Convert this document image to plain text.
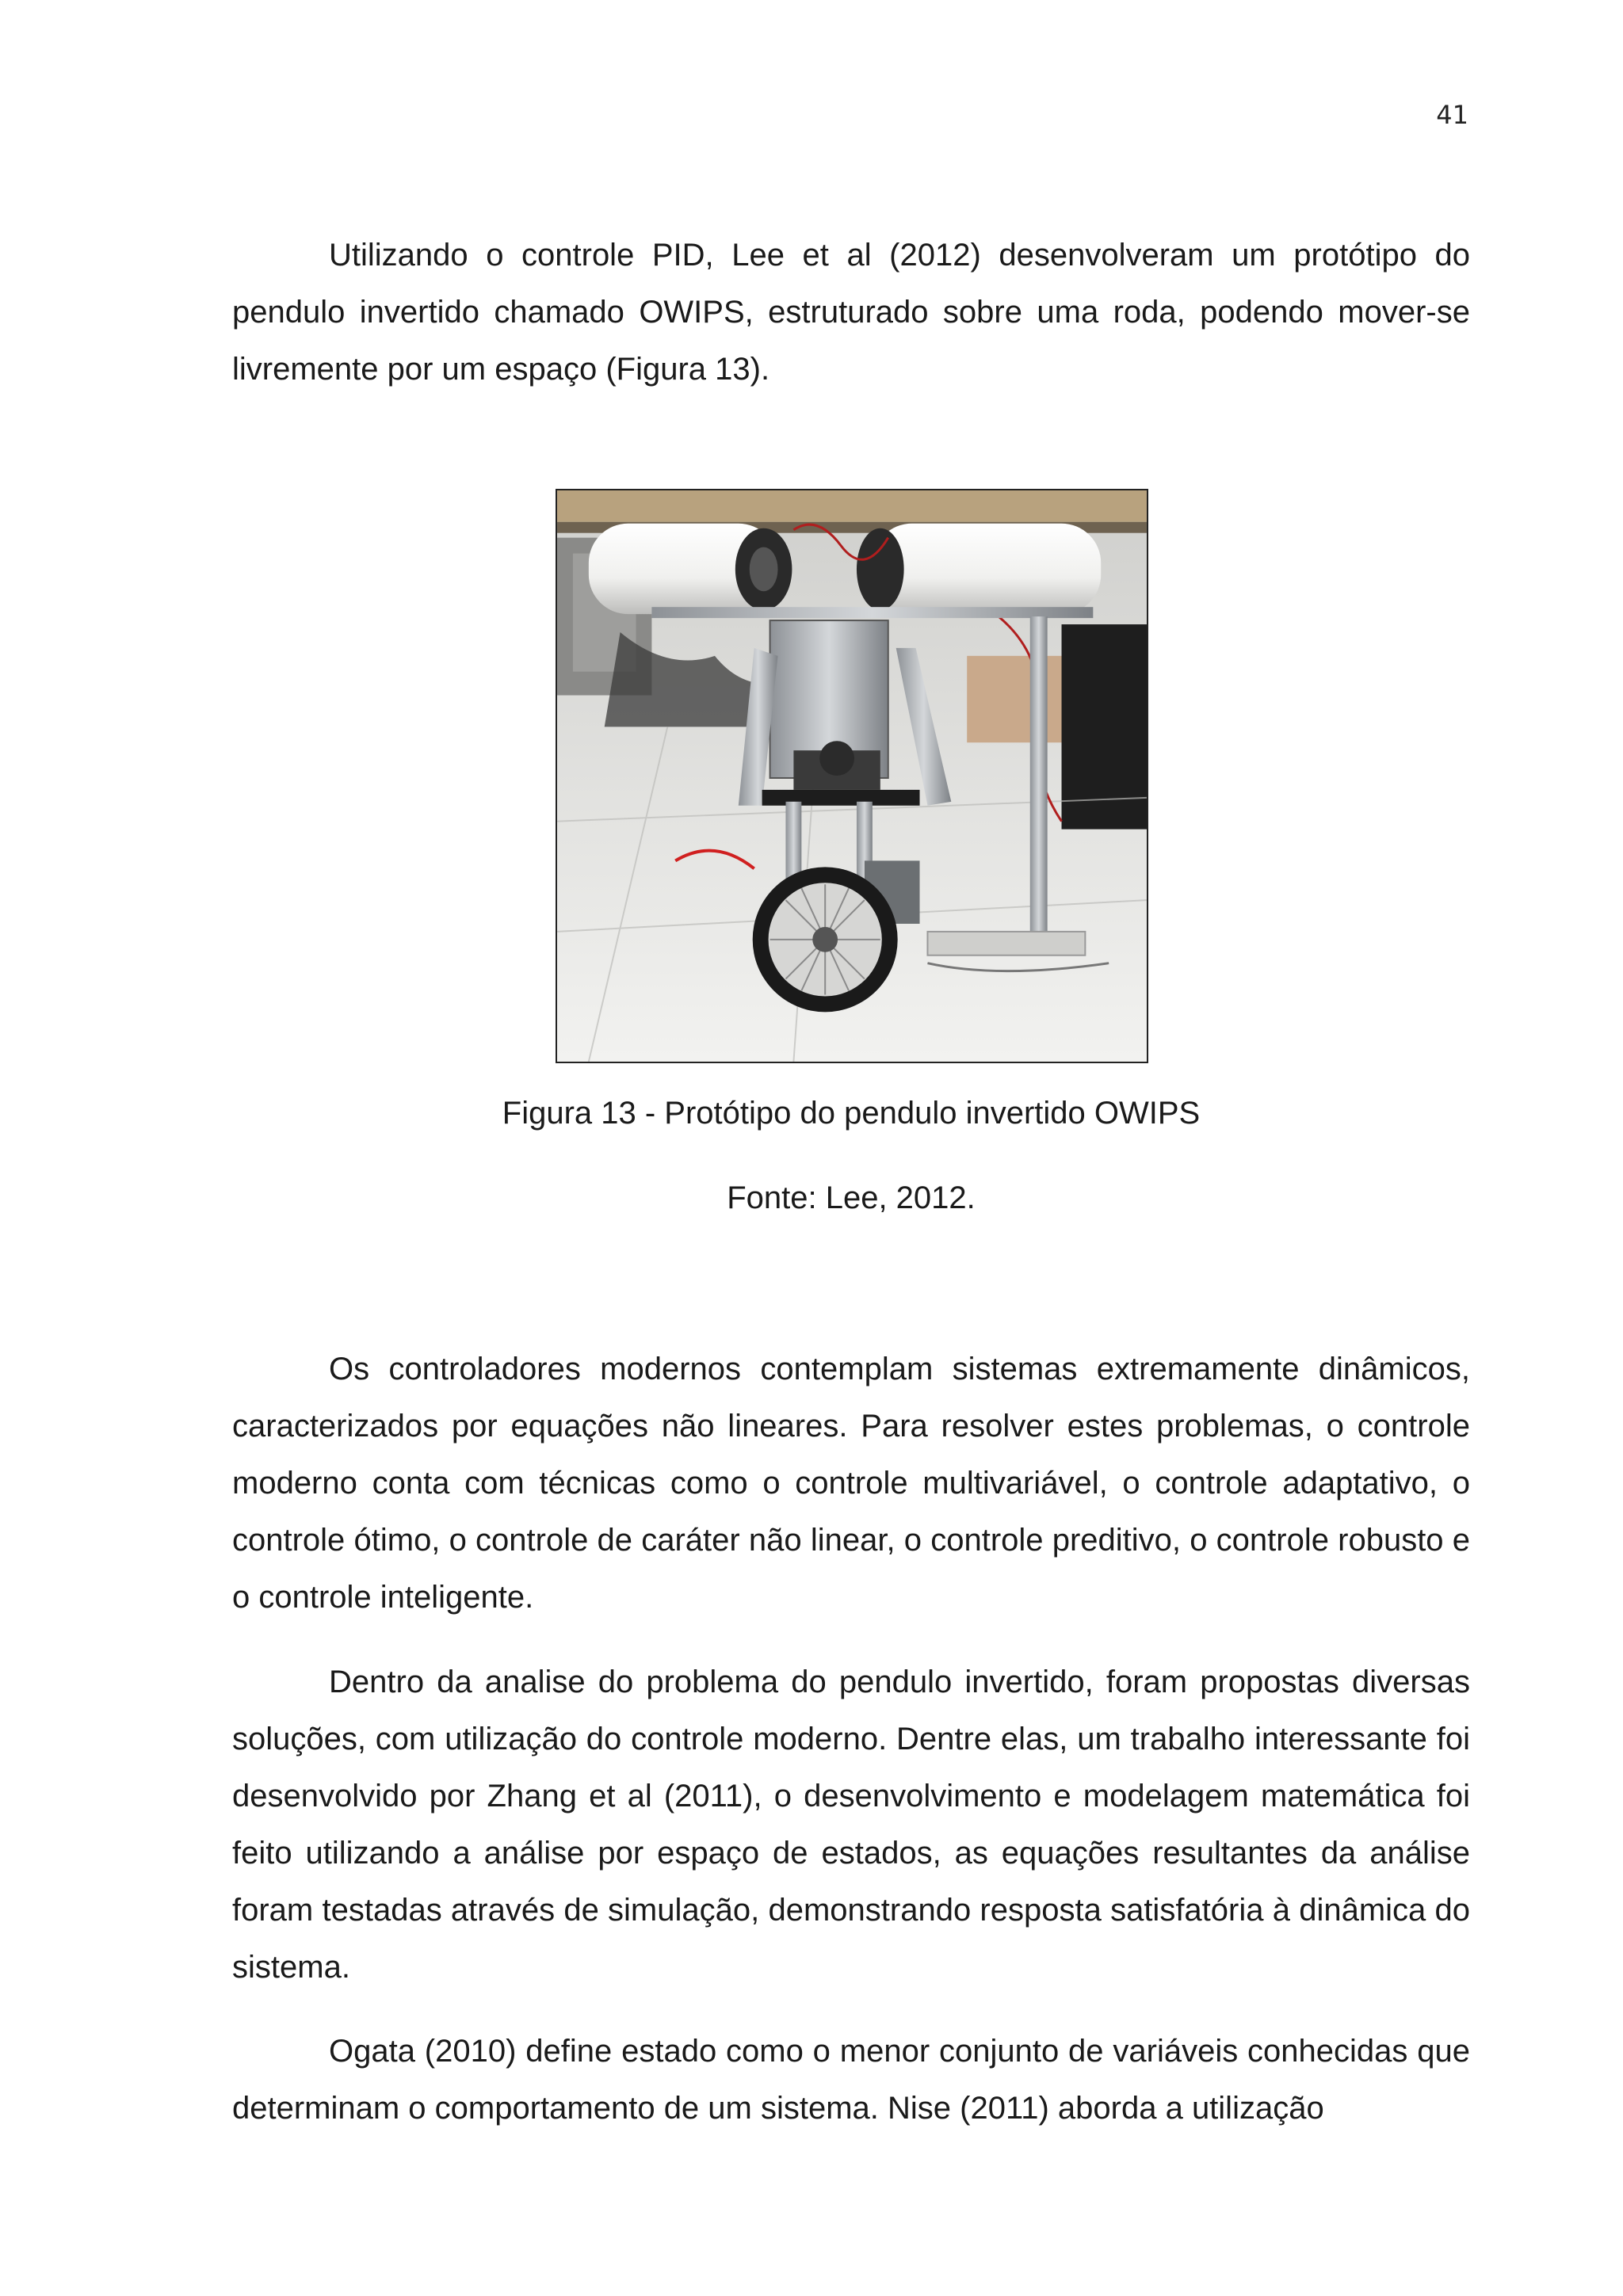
41

Utilizando o controle PID, Lee et al (2012) desenvolveram um protótipo do pendulo invertido chamado OWIPS, estruturado sobre uma roda, podendo mover-se livremente por um espaço (Figura 13).

Figura 13 - Protótipo do pendulo invertido OWIPS

Fonte: Lee, 2012.

Os controladores modernos contemplam sistemas extremamente dinâmicos, caracterizados por equações não lineares. Para resolver estes problemas, o controle moderno conta com técnicas como o controle multivariável, o controle adaptativo, o controle ótimo, o controle de caráter não linear, o controle preditivo, o controle robusto e o controle inteligente.

Dentro da analise do problema do pendulo invertido, foram propostas diversas soluções, com utilização do controle moderno. Dentre elas, um trabalho interessante foi desenvolvido por Zhang et al (2011), o desenvolvimento e modelagem matemática foi feito utilizando a análise por espaço de estados, as equações resultantes da análise foram testadas através de simulação, demonstrando resposta satisfatória à dinâmica do sistema.

Ogata (2010) define estado como o menor conjunto de variáveis conhecidas que determinam o comportamento de um sistema. Nise (2011) aborda a utilização
